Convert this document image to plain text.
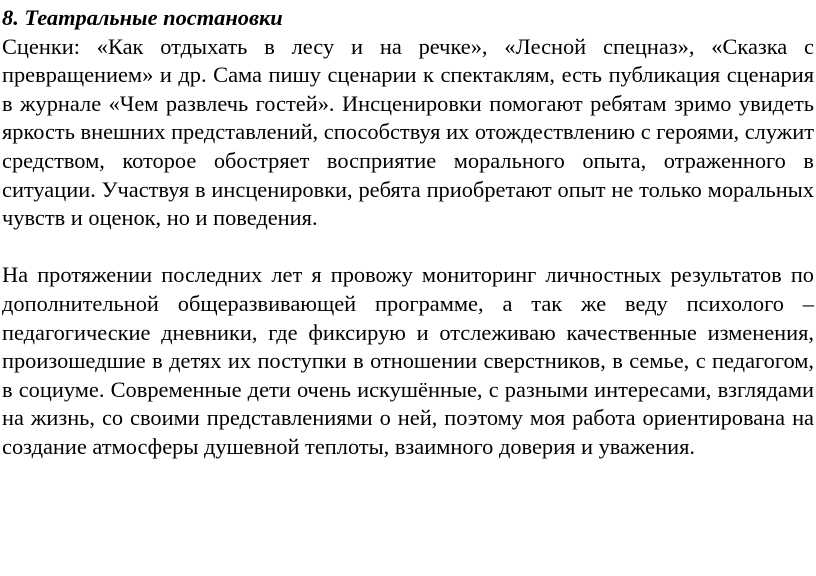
8. Театральные постановки

Сценки: «Как отдыхать в лесу и на речке», «Лесной спецназ», «Сказка с превращением» и др. Сама пишу сценарии к спектаклям, есть публикация сценария в журнале «Чем развлечь гостей». Инсценировки помогают ребятам зримо увидеть яркость внешних представлений, способствуя их отождествлению с героями, служит средством, которое обостряет восприятие морального опыта, отраженного в ситуации. Участвуя в инсценировки, ребята приобретают опыт не только моральных чувств и оценок, но и поведения.

На протяжении последних лет я провожу мониторинг личностных результатов по дополнительной общеразвивающей программе, а так же веду психолого – педагогические дневники, где фиксирую и отслеживаю качественные изменения, произошедшие в детях их поступки в отношении сверстников, в семье, с педагогом, в социуме. Современные дети очень искушённые, с разными интересами, взглядами на жизнь, со своими представлениями о ней, поэтому моя работа ориентирована на создание атмосферы душевной теплоты, взаимного доверия и уважения.
